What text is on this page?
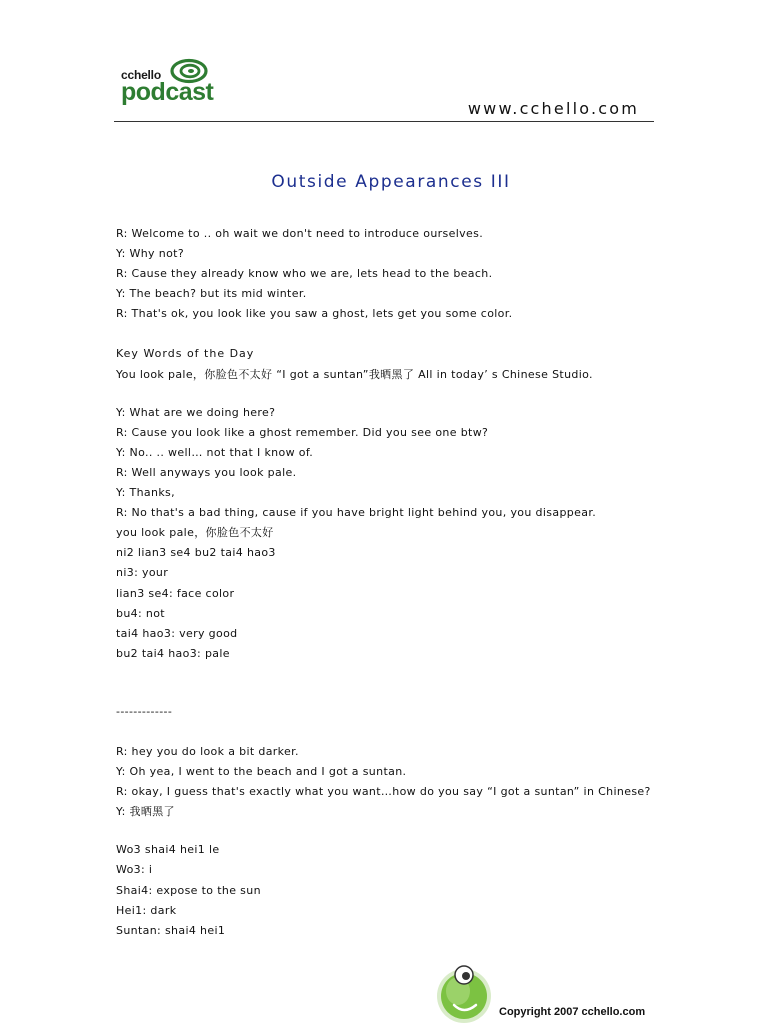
cchello
podcast
www.cchello.com
Outside Appearances III
R: Welcome to .. oh wait we don't need to introduce ourselves.
Y: Why not?
R: Cause they already know who we are, lets head to the beach.
Y: The beach? but its mid winter.
R: That's ok, you look like you saw a ghost, lets get you some color.
Key Words of the Day
You look pale，你脸色不太好 “I got a suntan”我晒黑了 All in today’ s Chinese Studio.
Y: What are we doing here?
R: Cause you look like a ghost remember. Did you see one btw?
Y: No.. .. well… not that I know of.
R: Well anyways you look pale.
Y: Thanks,
R: No that's a bad thing, cause if you have bright light behind you, you disappear.
you look pale，你脸色不太好
ni2 lian3 se4 bu2 tai4 hao3
ni3: your
lian3 se4: face color
bu4: not
tai4 hao3: very good
bu2 tai4 hao3: pale
-------------
R: hey you do look a bit darker.
Y: Oh yea, I went to the beach and I got a suntan.
R: okay, I guess that's exactly what you want…how do you say “I got a suntan” in Chinese?
Y: 我晒黑了
Wo3 shai4 hei1 le
Wo3: i
Shai4: expose to the sun
Hei1: dark
Suntan: shai4 hei1
Copyright 2007 cchello.com
